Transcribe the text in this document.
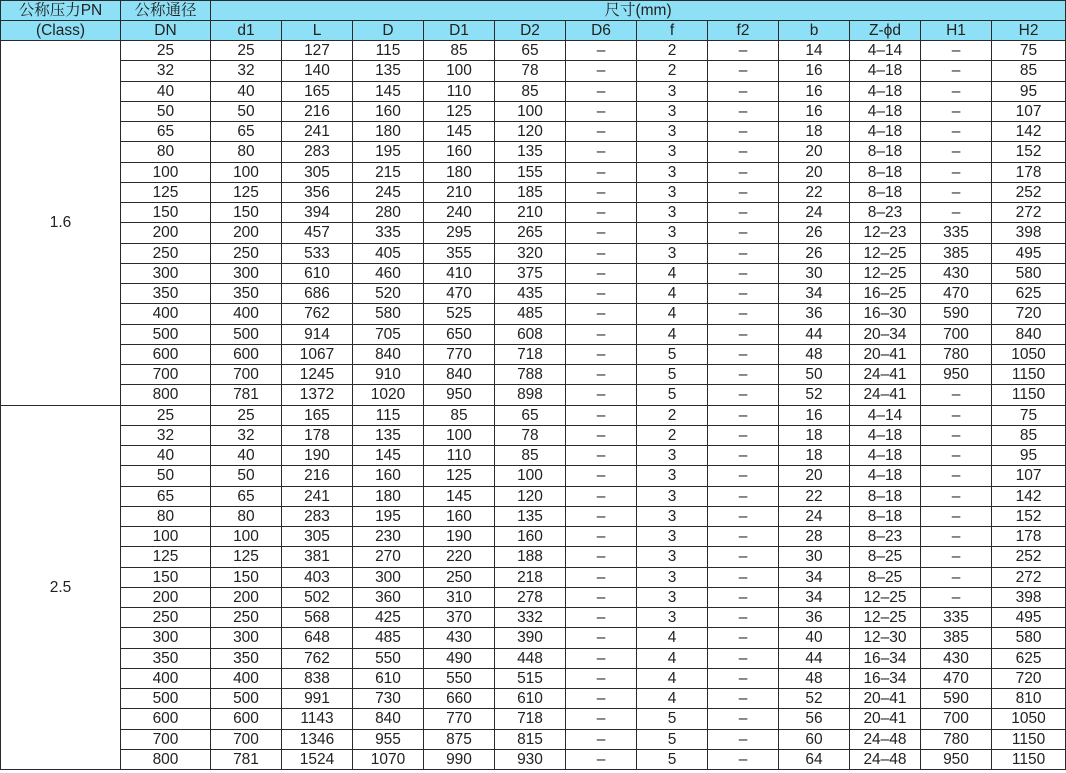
公称压力PN	公称通径	尺寸(mm)											
(Class)	DN	d1	L	D	D1	D2	D6	f	f2	b	Z-ϕd	H1	H2
1.6	25	25	127	115	85	65	–	2	–	14	4–14	–	75
	32	32	140	135	100	78	–	2	–	16	4–18	–	85
	40	40	165	145	110	85	–	3	–	16	4–18	–	95
	50	50	216	160	125	100	–	3	–	16	4–18	–	107
	65	65	241	180	145	120	–	3	–	18	4–18	–	142
	80	80	283	195	160	135	–	3	–	20	8–18	–	152
	100	100	305	215	180	155	–	3	–	20	8–18	–	178
	125	125	356	245	210	185	–	3	–	22	8–18	–	252
	150	150	394	280	240	210	–	3	–	24	8–23	–	272
	200	200	457	335	295	265	–	3	–	26	12–23	335	398
	250	250	533	405	355	320	–	3	–	26	12–25	385	495
	300	300	610	460	410	375	–	4	–	30	12–25	430	580
	350	350	686	520	470	435	–	4	–	34	16–25	470	625
	400	400	762	580	525	485	–	4	–	36	16–30	590	720
	500	500	914	705	650	608	–	4	–	44	20–34	700	840
	600	600	1067	840	770	718	–	5	–	48	20–41	780	1050
	700	700	1245	910	840	788	–	5	–	50	24–41	950	1150
	800	781	1372	1020	950	898	–	5	–	52	24–41	–	1150
2.5	25	25	165	115	85	65	–	2	–	16	4–14	–	75
	32	32	178	135	100	78	–	2	–	18	4–18	–	85
	40	40	190	145	110	85	–	3	–	18	4–18	–	95
	50	50	216	160	125	100	–	3	–	20	4–18	–	107
	65	65	241	180	145	120	–	3	–	22	8–18	–	142
	80	80	283	195	160	135	–	3	–	24	8–18	–	152
	100	100	305	230	190	160	–	3	–	28	8–23	–	178
	125	125	381	270	220	188	–	3	–	30	8–25	–	252
	150	150	403	300	250	218	–	3	–	34	8–25	–	272
	200	200	502	360	310	278	–	3	–	34	12–25	–	398
	250	250	568	425	370	332	–	3	–	36	12–25	335	495
	300	300	648	485	430	390	–	4	–	40	12–30	385	580
	350	350	762	550	490	448	–	4	–	44	16–34	430	625
	400	400	838	610	550	515	–	4	–	48	16–34	470	720
	500	500	991	730	660	610	–	4	–	52	20–41	590	810
	600	600	1143	840	770	718	–	5	–	56	20–41	700	1050
	700	700	1346	955	875	815	–	5	–	60	24–48	780	1150
	800	781	1524	1070	990	930	–	5	–	64	24–48	950	1150
